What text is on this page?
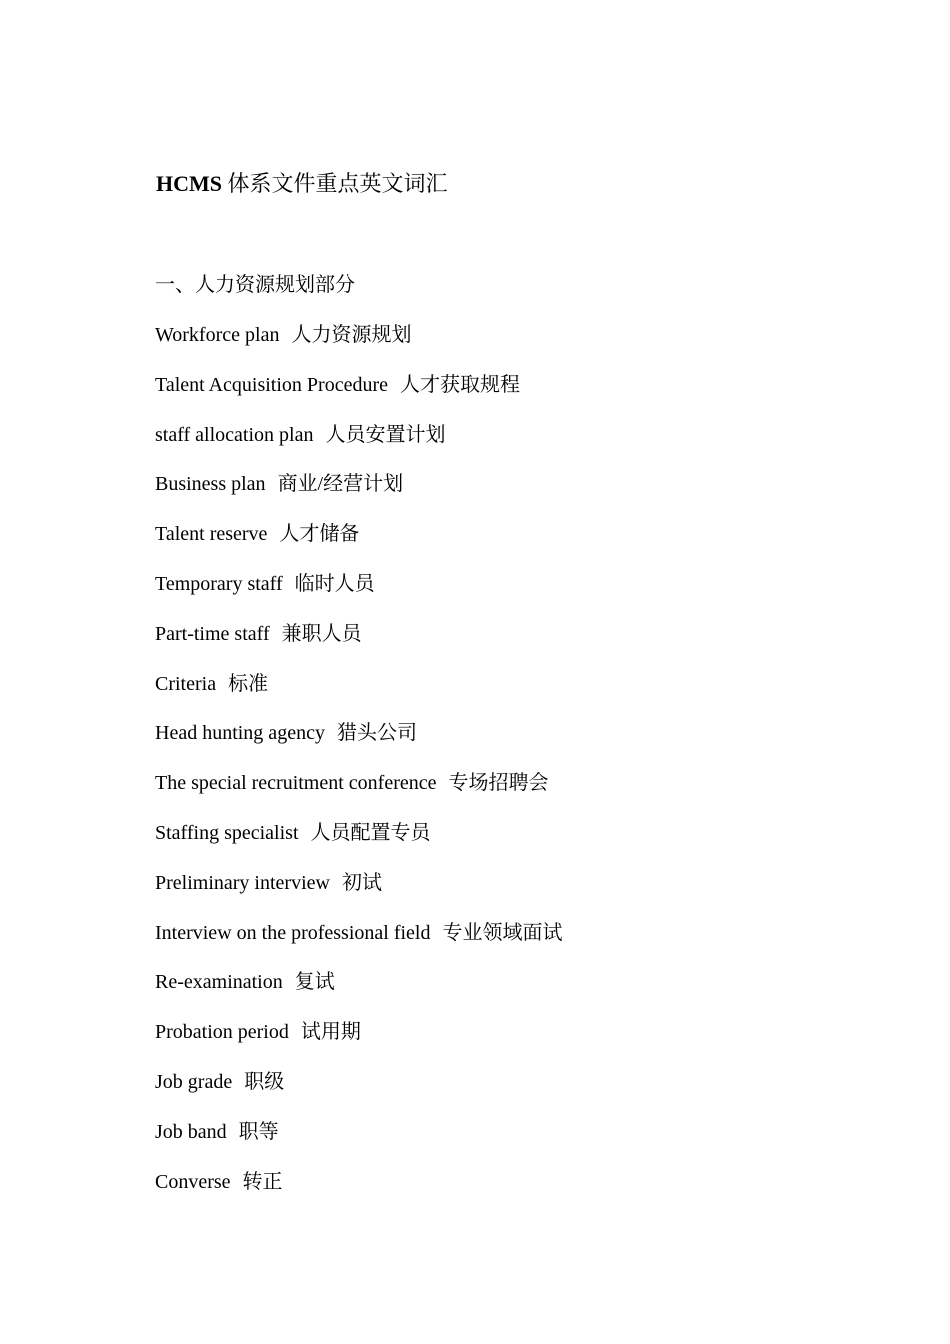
HCMS 体系文件重点英文词汇
一、人力资源规划部分
Workforce plan 人力资源规划
Talent Acquisition Procedure 人才获取规程
staff allocation plan 人员安置计划
Business plan 商业/经营计划
Talent reserve 人才储备
Temporary staff 临时人员
Part-time staff 兼职人员
Criteria 标准
Head hunting agency 猎头公司
The special recruitment conference 专场招聘会
Staffing specialist 人员配置专员
Preliminary interview 初试
Interview on the professional field 专业领域面试
Re-examination 复试
Probation period 试用期
Job grade 职级
Job band 职等
Converse 转正
